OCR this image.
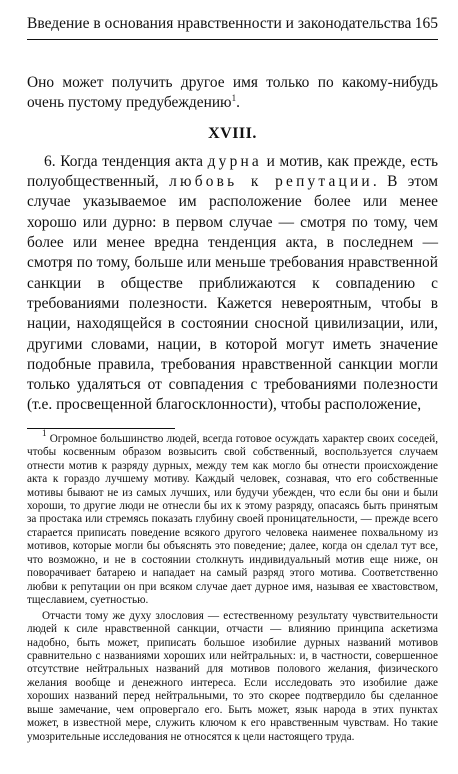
Введение в основания нравственности и законодательства 165

Оно может получить другое имя только по какому-нибудь очень пустому предубеждению$^1$.

XVIII.

6. Когда тенденция акта дурна и мотив, как прежде, есть полуобщественный, любовь к репутации. В этом случае указываемое им расположение более или менее хорошо или дурно: в первом случае — смотря по тому, чем более или менее вредна тенденция акта, в последнем — смотря по тому, больше или меньше требования нравственной санкции в обществе приближаются к совпадению с требованиями полезности. Кажется невероятным, чтобы в нации, находящейся в состоянии сносной цивилизации, или, другими словами, нации, в которой могут иметь значение подобные правила, требования нравственной санкции могли только удаляться от совпадения с требованиями полезности (т.е. просвещенной благосклонности), чтобы расположение,

$^1$ Огромное большинство людей, всегда готовое осуждать характер своих соседей, чтобы косвенным образом возвысить свой собственный, воспользуется случаем отнести мотив к разряду дурных, между тем как могло бы отнести происхождение акта к гораздо лучшему мотиву. Каждый человек, сознавая, что его собственные мотивы бывают не из самых лучших, или будучи убежден, что если бы они и были хороши, то другие люди не отнесли бы их к этому разряду, опасаясь быть принятым за простака или стремясь показать глубину своей проницательности, — прежде всего старается приписать поведение всякого другого человека наименее похвальному из мотивов, которые могли бы объяснять это поведение; далее, когда он сделал тут все, что возможно, и не в состоянии столкнуть индивидуальный мотив еще ниже, он поворачивает батарею и нападает на самый разряд этого мотива. Соответственно любви к репутации он при всяком случае дает дурное имя, называя ее хвастовством, тщеславием, суетностью.

Отчасти тому же духу злословия — естественному результату чувствительности людей к силе нравственной санкции, отчасти — влиянию принципа аскетизма надобно, быть может, приписать большое изобилие дурных названий мотивов сравнительно с названиями хороших или нейтральных: и, в частности, совершенное отсутствие нейтральных названий для мотивов полового желания, физического желания вообще и денежного интереса. Если исследовать это изобилие даже хороших названий перед нейтральными, то это скорее подтвердило бы сделанное выше замечание, чем опровергало его. Быть может, язык народа в этих пунктах может, в известной мере, служить ключом к его нравственным чувствам. Но такие умозрительные исследования не относятся к цели настоящего труда.
